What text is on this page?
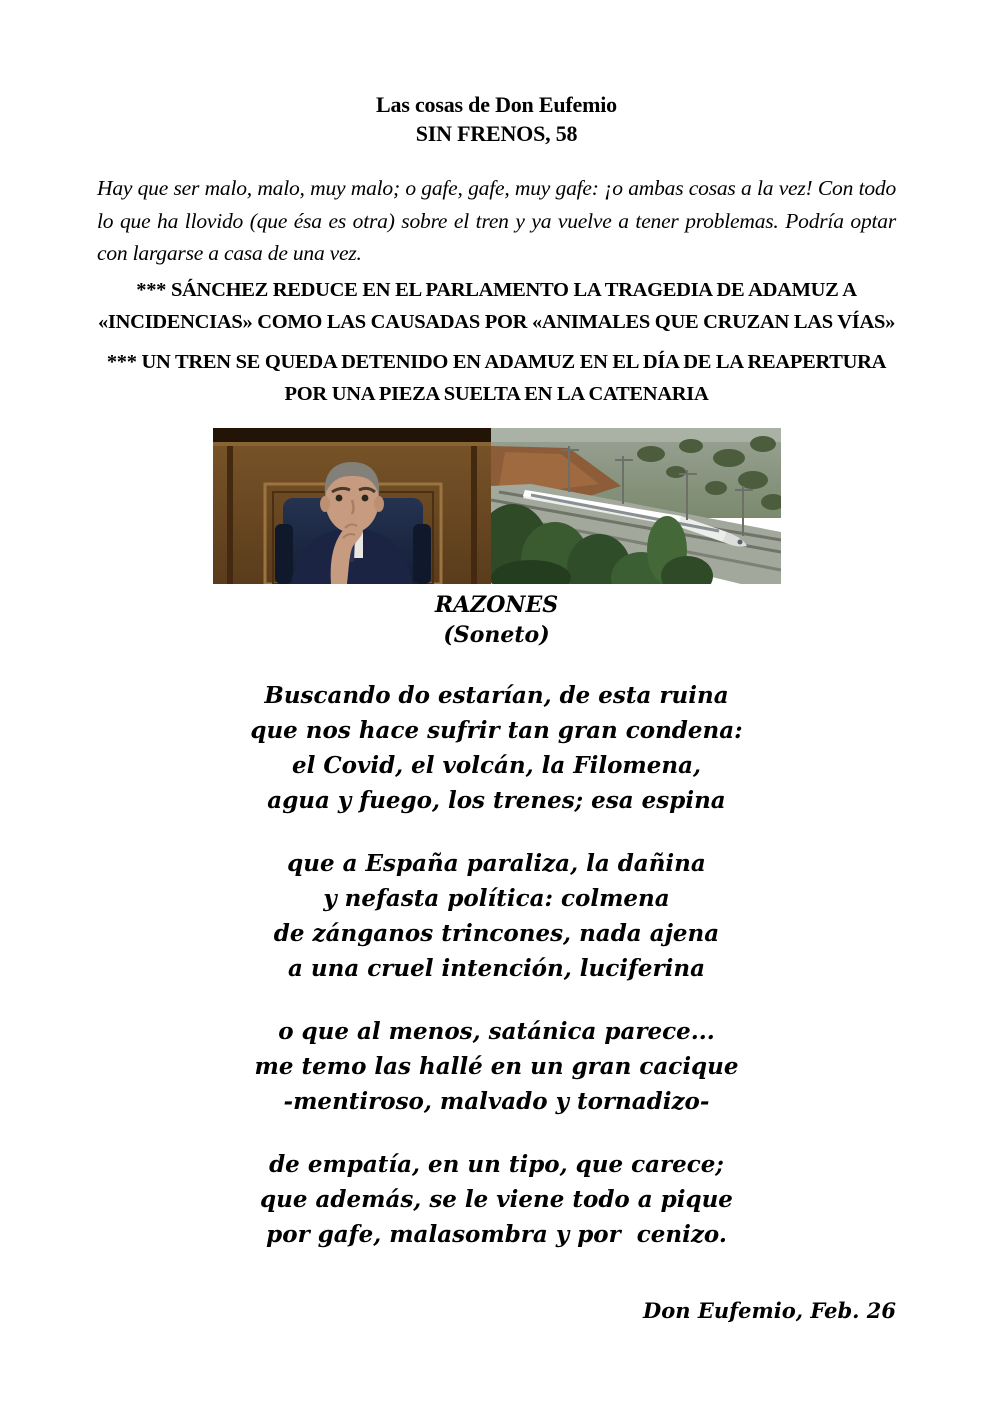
Las cosas de Don Eufemio
SIN FRENOS, 58

Hay que ser malo, malo, muy malo; o gafe, gafe, muy gafe: ¡o ambas cosas a la vez! Con todo lo que ha llovido (que ésa es otra) sobre el tren y ya vuelve a tener problemas. Podría optar con largarse a casa de una vez.

*** SÁNCHEZ REDUCE EN EL PARLAMENTO LA TRAGEDIA DE ADAMUZ A «INCIDENCIAS» COMO LAS CAUSADAS POR «ANIMALES QUE CRUZAN LAS VÍAS»
*** UN TREN SE QUEDA DETENIDO EN ADAMUZ EN EL DÍA DE LA REAPERTURA POR UNA PIEZA SUELTA EN LA CATENARIA
RAZONES
(Soneto)
Buscando do estarían, de esta ruina
que nos hace sufrir tan gran condena:
el Covid, el volcán, la Filomena,
agua y fuego, los trenes; esa espina
que a España paraliza, la dañina
y nefasta política: colmena
de zánganos trincones, nada ajena
a una cruel intención, luciferina
o que al menos, satánica parece...
me temo las hallé en un gran cacique
-mentiroso, malvado y tornadizo-
de empatía, en un tipo, que carece;
que además, se le viene todo a pique
por gafe, malasombra y por  cenizo.
Don Eufemio, Feb. 26
